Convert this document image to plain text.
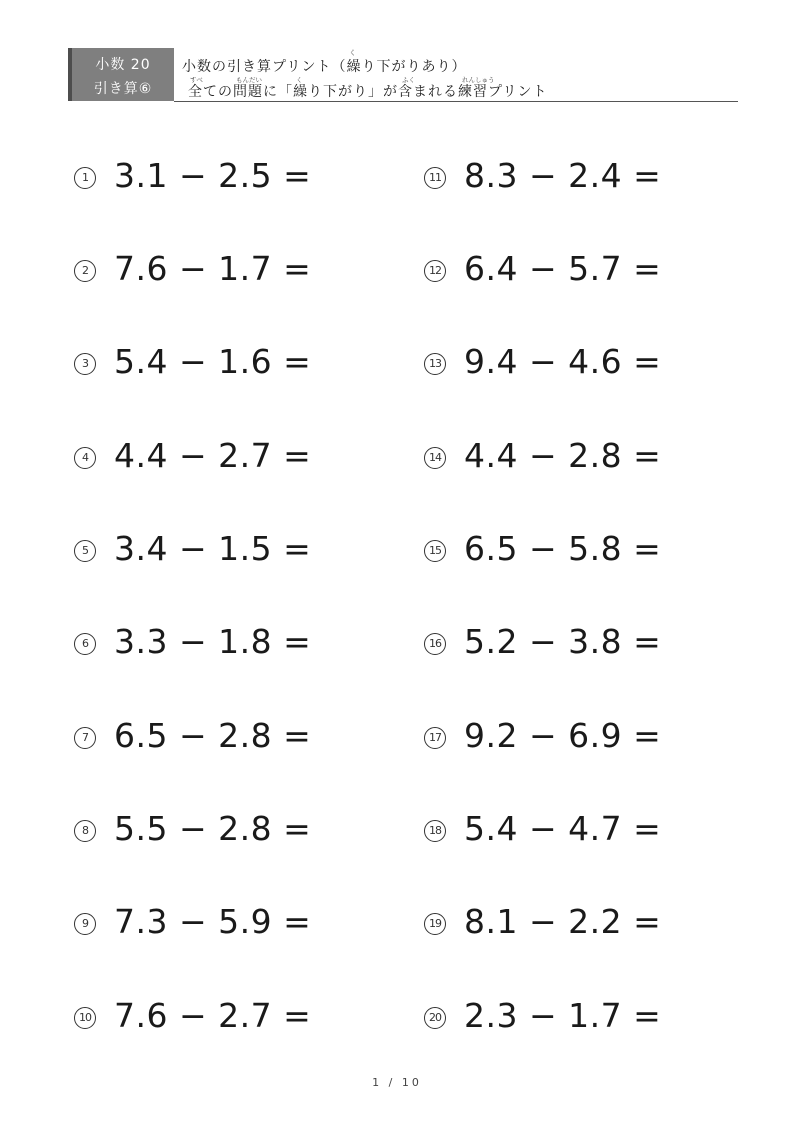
小数 20
引き算⑥
く
小数の引き算プリント（繰り下がりあり）
すべ	もんだい	く	ふく	れんしゅう
全ての問題に「繰り下がり」が含まれる練習プリント
1 3.1 − 2.5 =
2 7.6 − 1.7 =
3 5.4 − 1.6 =
4 4.4 − 2.7 =
5 3.4 − 1.5 =
6 3.3 − 1.8 =
7 6.5 − 2.8 =
8 5.5 − 2.8 =
9 7.3 − 5.9 =
10 7.6 − 2.7 =
11 8.3 − 2.4 =
12 6.4 − 5.7 =
13 9.4 − 4.6 =
14 4.4 − 2.8 =
15 6.5 − 5.8 =
16 5.2 − 3.8 =
17 9.2 − 6.9 =
18 5.4 − 4.7 =
19 8.1 − 2.2 =
20 2.3 − 1.7 =
1 / 10
